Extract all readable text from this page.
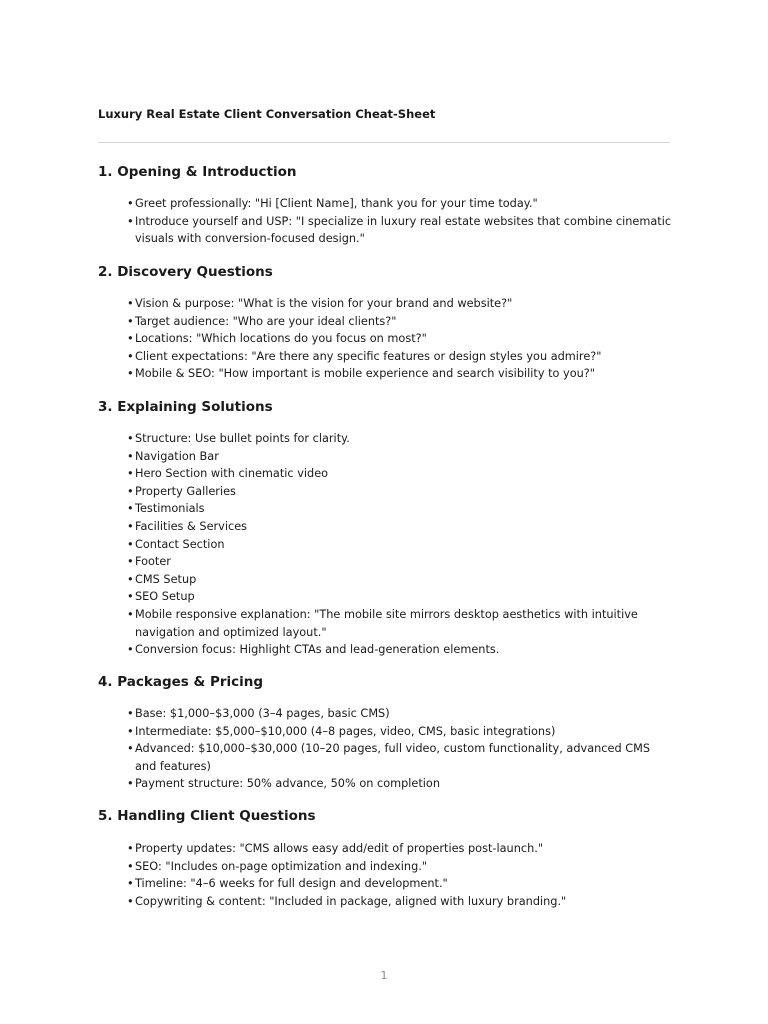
Luxury Real Estate Client Conversation Cheat-Sheet
1. Opening & Introduction
• Greet professionally: "Hi [Client Name], thank you for your time today."
• Introduce yourself and USP: "I specialize in luxury real estate websites that combine cinematic visuals with conversion-focused design."
2. Discovery Questions
• Vision & purpose: "What is the vision for your brand and website?"
• Target audience: "Who are your ideal clients?"
• Locations: "Which locations do you focus on most?"
• Client expectations: "Are there any specific features or design styles you admire?"
• Mobile & SEO: "How important is mobile experience and search visibility to you?"
3. Explaining Solutions
• Structure: Use bullet points for clarity.
• Navigation Bar
• Hero Section with cinematic video
• Property Galleries
• Testimonials
• Facilities & Services
• Contact Section
• Footer
• CMS Setup
• SEO Setup
• Mobile responsive explanation: "The mobile site mirrors desktop aesthetics with intuitive navigation and optimized layout."
• Conversion focus: Highlight CTAs and lead-generation elements.
4. Packages & Pricing
• Base: $1,000–$3,000 (3–4 pages, basic CMS)
• Intermediate: $5,000–$10,000 (4–8 pages, video, CMS, basic integrations)
• Advanced: $10,000–$30,000 (10–20 pages, full video, custom functionality, advanced CMS and features)
• Payment structure: 50% advance, 50% on completion
5. Handling Client Questions
• Property updates: "CMS allows easy add/edit of properties post-launch."
• SEO: "Includes on-page optimization and indexing."
• Timeline: "4–6 weeks for full design and development."
• Copywriting & content: "Included in package, aligned with luxury branding."
1
